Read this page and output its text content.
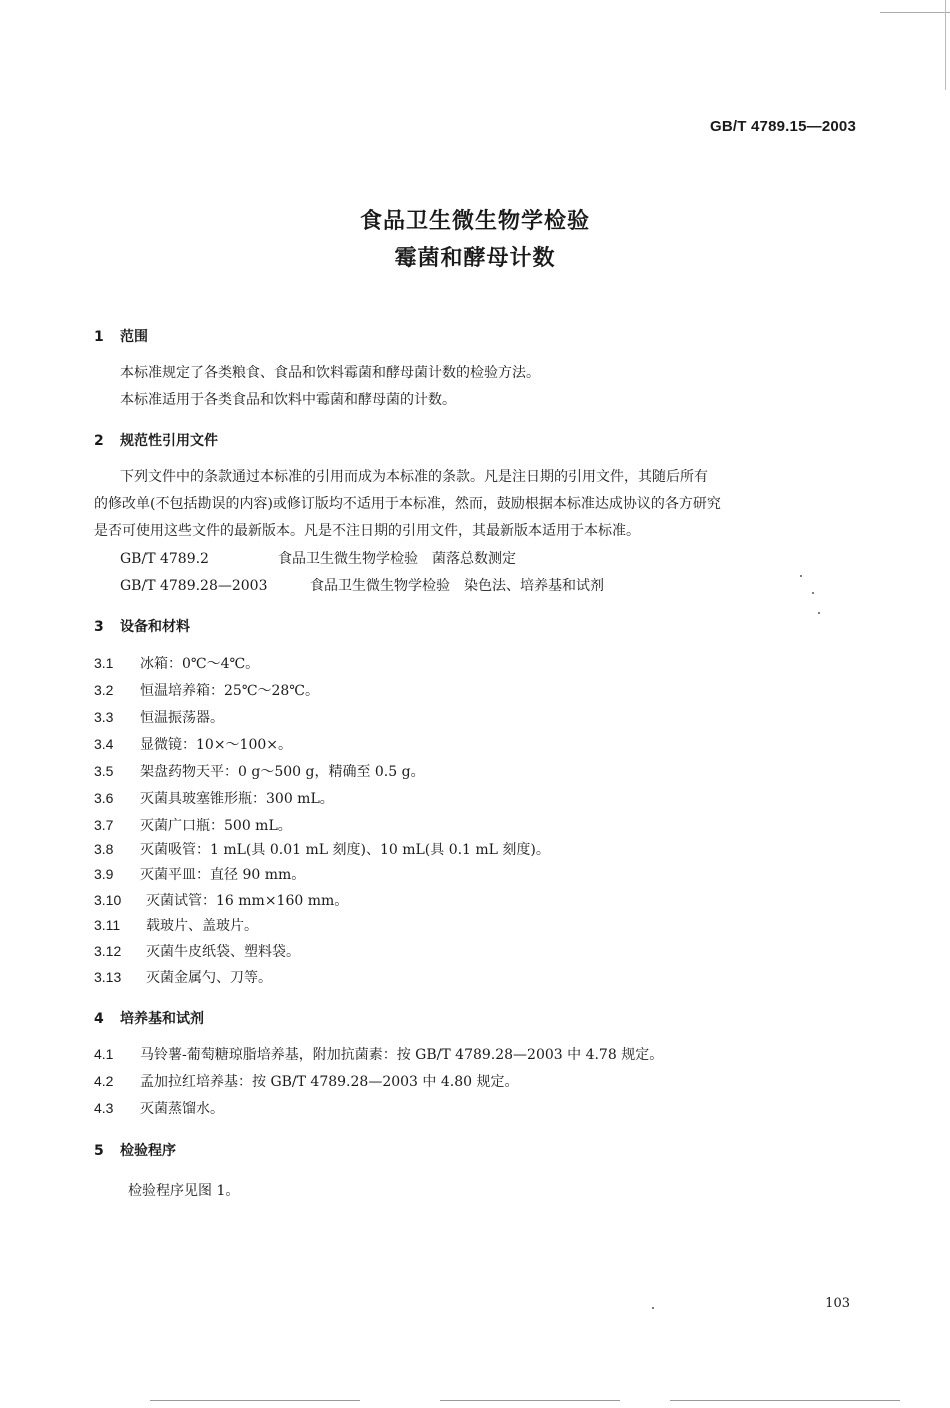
GB/T 4789.15—2003
食品卫生微生物学检验
霉菌和酵母计数
1 范围
本标准规定了各类粮食、食品和饮料霉菌和酵母菌计数的检验方法。
本标准适用于各类食品和饮料中霉菌和酵母菌的计数。
2 规范性引用文件
下列文件中的条款通过本标准的引用而成为本标准的条款。凡是注日期的引用文件，其随后所有
的修改单(不包括勘误的内容)或修订版均不适用于本标准，然而，鼓励根据本标准达成协议的各方研究
是否可使用这些文件的最新版本。凡是不注日期的引用文件，其最新版本适用于本标准。
GB/T 4789.2	食品卫生微生物学检验　菌落总数测定
GB/T 4789.28—2003	食品卫生微生物学检验　染色法、培养基和试剂
3 设备和材料
3.1 冰箱：0℃～4℃。
3.2 恒温培养箱：25℃～28℃。
3.3 恒温振荡器。
3.4 显微镜：10×～100×。
3.5 架盘药物天平：0 g～500 g，精确至 0.5 g。
3.6 灭菌具玻塞锥形瓶：300 mL。
3.7 灭菌广口瓶：500 mL。
3.8 灭菌吸管：1 mL(具 0.01 mL 刻度)、10 mL(具 0.1 mL 刻度)。
3.9 灭菌平皿：直径 90 mm。
3.10 灭菌试管：16 mm×160 mm。
3.11 载玻片、盖玻片。
3.12 灭菌牛皮纸袋、塑料袋。
3.13 灭菌金属勺、刀等。
4 培养基和试剂
4.1 马铃薯-葡萄糖琼脂培养基，附加抗菌素：按 GB/T 4789.28—2003 中 4.78 规定。
4.2 孟加拉红培养基：按 GB/T 4789.28—2003 中 4.80 规定。
4.3 灭菌蒸馏水。
5 检验程序
检验程序见图 1。
103
